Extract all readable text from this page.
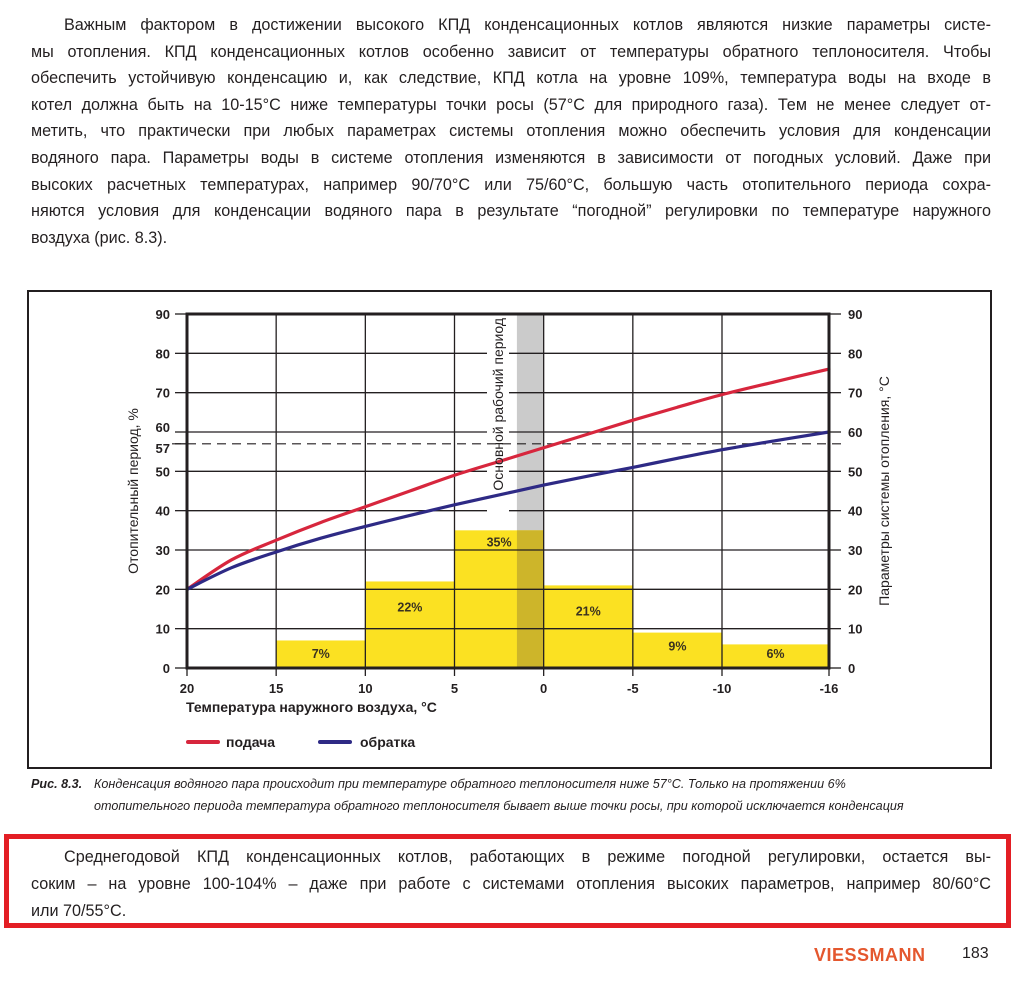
Важным фактором в достижении высокого КПД конденсационных котлов являются низкие параметры систе-
мы отопления. КПД конденсационных котлов особенно зависит от температуры обратного теплоносителя. Чтобы
обеспечить устойчивую конденсацию и, как следствие, КПД котла на уровне 109%, температура воды на входе в
котел должна быть на 10-15°С ниже температуры точки росы (57°С для природного газа). Тем не менее следует от-
метить, что практически при любых параметрах системы отопления можно обеспечить условия для конденсации
водяного пара. Параметры воды в системе отопления изменяются в зависимости от погодных условий. Даже при
высоких расчетных температурах, например 90/70°С или 75/60°С, большую часть отопительного периода сохра-
няются условия для конденсации водяного пара в результате “погодной” регулировки по температуре наружного
воздуха (рис. 8.3).
0
10
20
30
40
50
57
60
70
80
90
0
10
20
30
40
50
60
70
80
90
20	15	10	5	0	-5	-10	-16
7%
22%
35%
21%
9%
6%
Основной рабочий период
Отопительный период, %	Параметры системы отопления, °C
Температура наружного воздуха, °C
подача	обратка
Рис. 8.3. Конденсация водяного пара происходит при температуре обратного теплоносителя ниже 57°С. Только на протяжении 6%
отопительного периода температура обратного теплоносителя бывает выше точки росы, при которой исключается конденсация
Среднегодовой КПД конденсационных котлов, работающих в режиме погодной регулировки, остается вы-
соким – на уровне 100-104% – даже при работе с системами отопления высоких параметров, например 80/60°С
или 70/55°С.
VIESSMANN 183
